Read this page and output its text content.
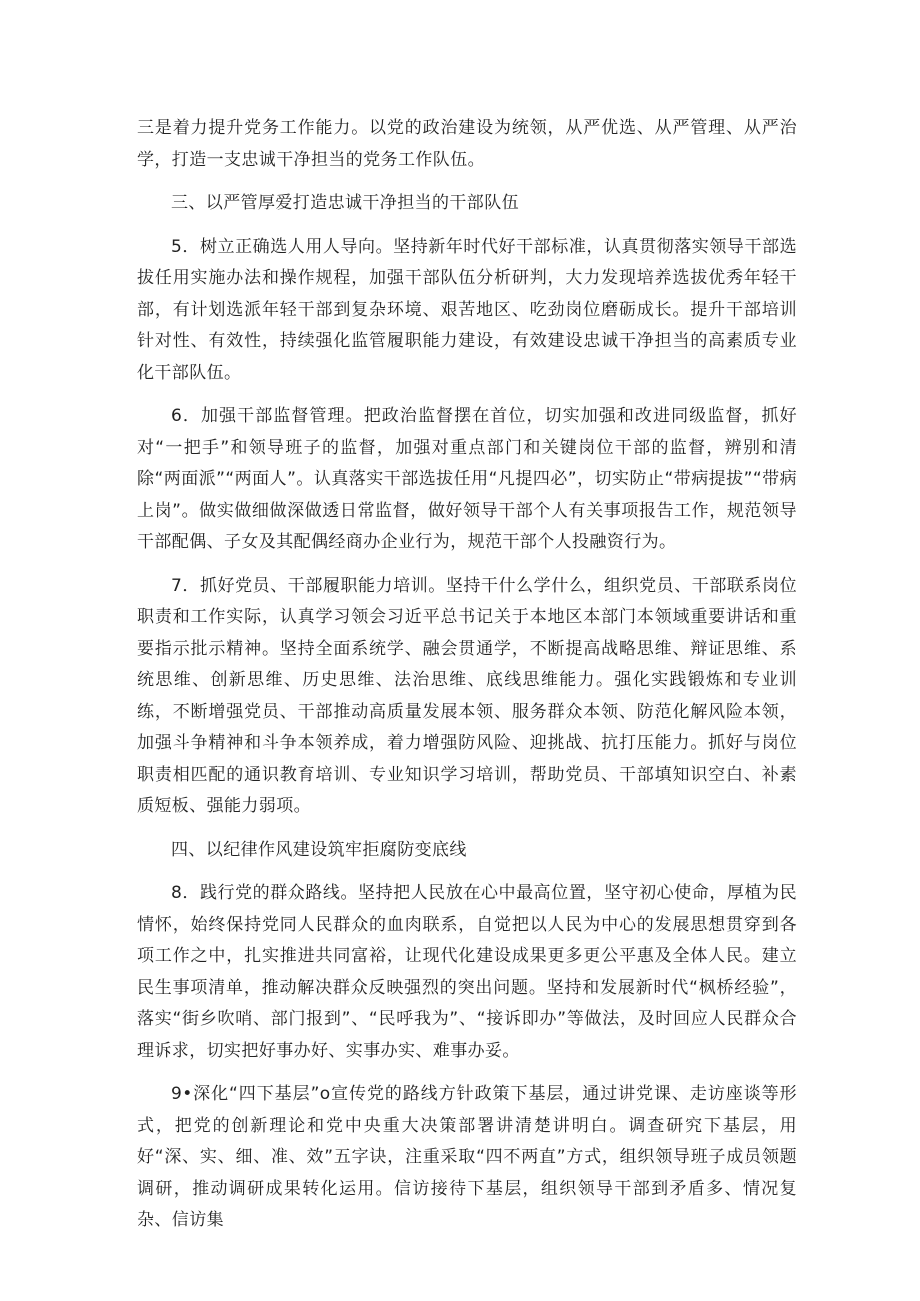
三是着力提升党务工作能力。以党的政治建设为统领，从严优选、从严管理、从严治学，打造一支忠诚干净担当的党务工作队伍。

三、以严管厚爱打造忠诚干净担当的干部队伍

5．树立正确选人用人导向。坚持新年时代好干部标准，认真贯彻落实领导干部选拔任用实施办法和操作规程，加强干部队伍分析研判，大力发现培养选拔优秀年轻干部，有计划选派年轻干部到复杂环境、艰苦地区、吃劲岗位磨砺成长。提升干部培训针对性、有效性，持续强化监管履职能力建设，有效建设忠诚干净担当的高素质专业化干部队伍。

6．加强干部监督管理。把政治监督摆在首位，切实加强和改进同级监督，抓好对“一把手”和领导班子的监督，加强对重点部门和关键岗位干部的监督，辨别和清除“两面派”“两面人”。认真落实干部选拔任用“凡提四必”，切实防止“带病提拔”“带病上岗”。做实做细做深做透日常监督，做好领导干部个人有关事项报告工作，规范领导干部配偶、子女及其配偶经商办企业行为，规范干部个人投融资行为。

7．抓好党员、干部履职能力培训。坚持干什么学什么，组织党员、干部联系岗位职责和工作实际，认真学习领会习近平总书记关于本地区本部门本领域重要讲话和重要指示批示精神。坚持全面系统学、融会贯通学，不断提高战略思维、辩证思维、系统思维、创新思维、历史思维、法治思维、底线思维能力。强化实践锻炼和专业训练，不断增强党员、干部推动高质量发展本领、服务群众本领、防范化解风险本领，加强斗争精神和斗争本领养成，着力增强防风险、迎挑战、抗打压能力。抓好与岗位职责相匹配的通识教育培训、专业知识学习培训，帮助党员、干部填知识空白、补素质短板、强能力弱项。

四、以纪律作风建设筑牢拒腐防变底线

8．践行党的群众路线。坚持把人民放在心中最高位置，坚守初心使命，厚植为民情怀，始终保持党同人民群众的血肉联系，自觉把以人民为中心的发展思想贯穿到各项工作之中，扎实推进共同富裕，让现代化建设成果更多更公平惠及全体人民。建立民生事项清单，推动解决群众反映强烈的突出问题。坚持和发展新时代“枫桥经验”，落实“街乡吹哨、部门报到”、“民呼我为”、“接诉即办”等做法，及时回应人民群众合理诉求，切实把好事办好、实事办实、难事办妥。

9•深化“四下基层”o宣传党的路线方针政策下基层，通过讲党课、走访座谈等形式，把党的创新理论和党中央重大决策部署讲清楚讲明白。调查研究下基层，用好“深、实、细、准、效”五字诀，注重采取“四不两直”方式，组织领导班子成员领题调研，推动调研成果转化运用。信访接待下基层，组织领导干部到矛盾多、情况复杂、信访集
